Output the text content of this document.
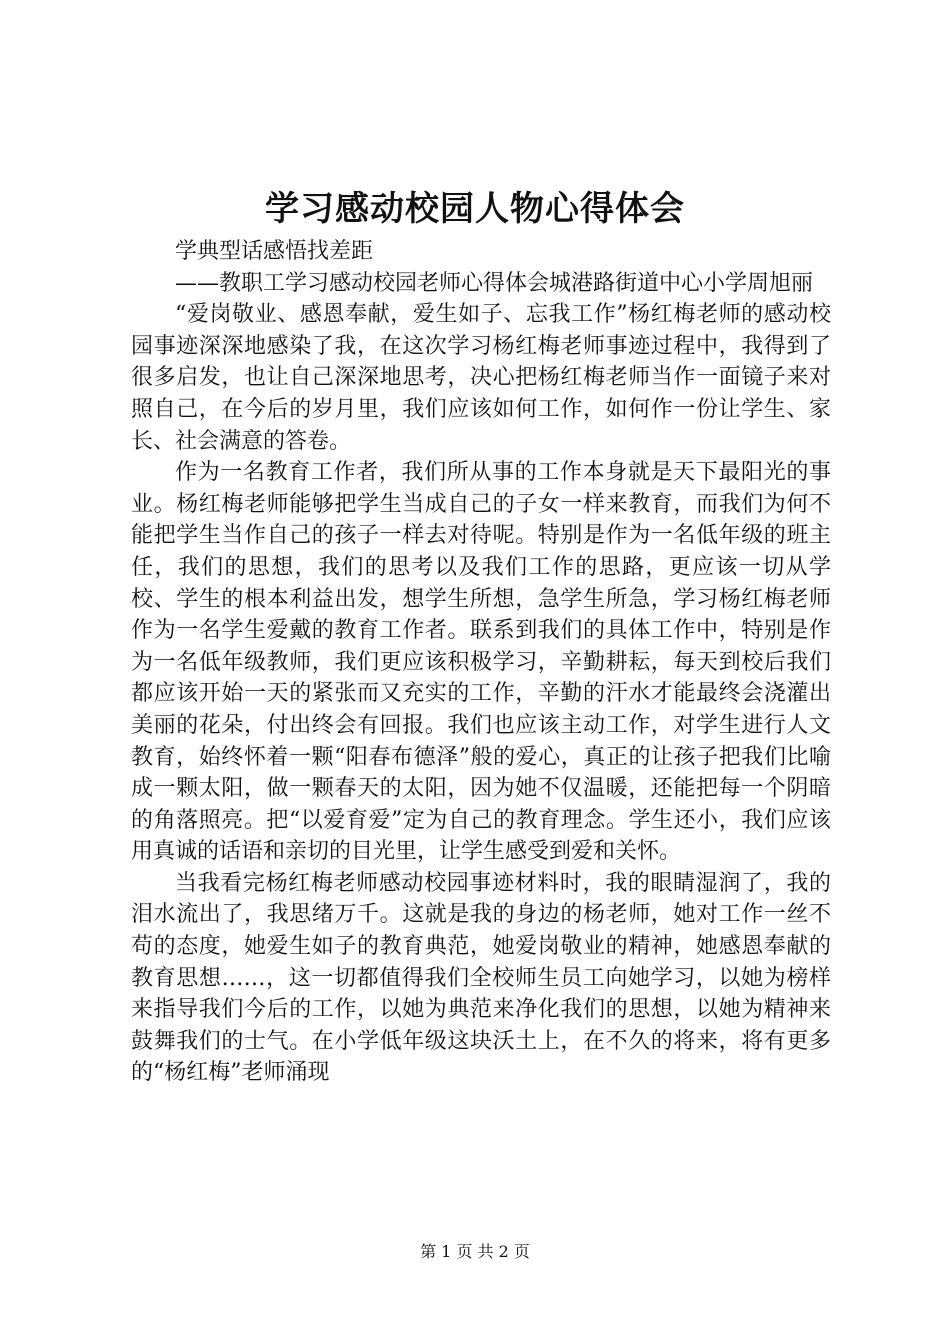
学习感动校园人物心得体会

学典型话感悟找差距

——教职工学习感动校园老师心得体会城港路街道中心小学周旭丽

“爱岗敬业、感恩奉献，爱生如子、忘我工作”杨红梅老师的感动校园事迹深深地感染了我，在这次学习杨红梅老师事迹过程中，我得到了很多启发，也让自己深深地思考，决心把杨红梅老师当作一面镜子来对照自己，在今后的岁月里，我们应该如何工作，如何作一份让学生、家长、社会满意的答卷。

作为一名教育工作者，我们所从事的工作本身就是天下最阳光的事业。杨红梅老师能够把学生当成自己的子女一样来教育，而我们为何不能把学生当作自己的孩子一样去对待呢。特别是作为一名低年级的班主任，我们的思想，我们的思考以及我们工作的思路，更应该一切从学校、学生的根本利益出发，想学生所想，急学生所急，学习杨红梅老师作为一名学生爱戴的教育工作者。联系到我们的具体工作中，特别是作为一名低年级教师，我们更应该积极学习，辛勤耕耘，每天到校后我们都应该开始一天的紧张而又充实的工作，辛勤的汗水才能最终会浇灌出美丽的花朵，付出终会有回报。我们也应该主动工作，对学生进行人文教育，始终怀着一颗“阳春布德泽”般的爱心，真正的让孩子把我们比喻成一颗太阳，做一颗春天的太阳，因为她不仅温暖，还能把每一个阴暗的角落照亮。把“以爱育爱”定为自己的教育理念。学生还小，我们应该用真诚的话语和亲切的目光里，让学生感受到爱和关怀。

当我看完杨红梅老师感动校园事迹材料时，我的眼睛湿润了，我的泪水流出了，我思绪万千。这就是我的身边的杨老师，她对工作一丝不苟的态度，她爱生如子的教育典范，她爱岗敬业的精神，她感恩奉献的教育思想……，这一切都值得我们全校师生员工向她学习，以她为榜样来指导我们今后的工作，以她为典范来净化我们的思想，以她为精神来鼓舞我们的士气。在小学低年级这块沃土上，在不久的将来，将有更多的“杨红梅”老师涌现

第 1 页 共 2 页
